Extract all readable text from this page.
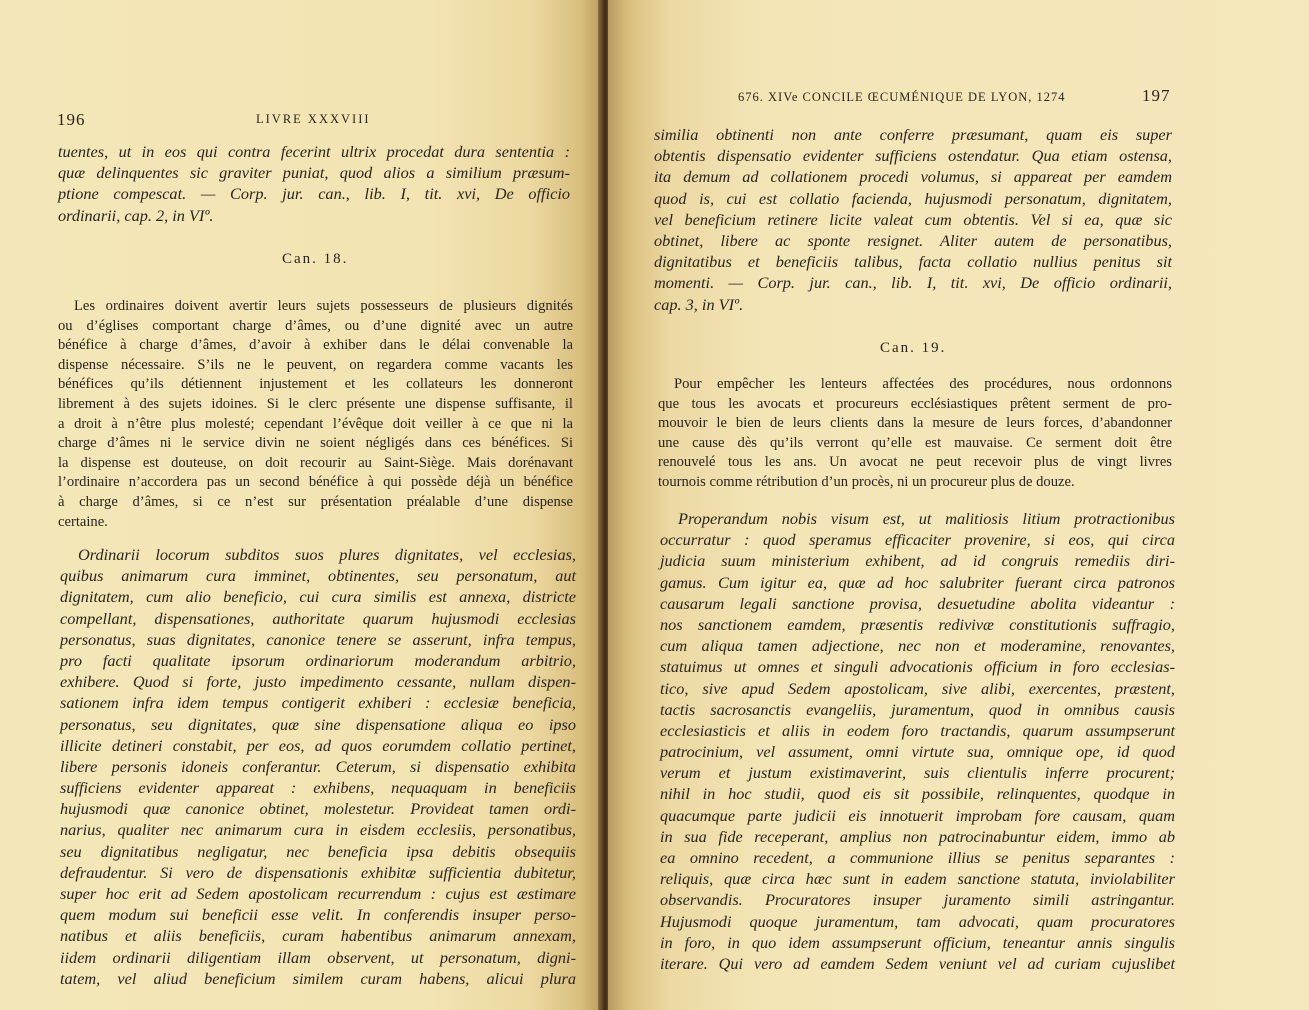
196	LIVRE XXXVIII
tuentes, ut in eos qui contra fecerint ultrix procedat dura sententia :
quæ delinquentes sic graviter puniat, quod alios a similium præsum-
ptione compescat. — Corp. jur. can., lib. I, tit. xvi, De officio
ordinarii, cap. 2, in VIº.
Can. 18.
Les ordinaires doivent avertir leurs sujets possesseurs de plusieurs dignités
ou d’églises comportant charge d’âmes, ou d’une dignité avec un autre
bénéfice à charge d’âmes, d’avoir à exhiber dans le délai convenable la
dispense nécessaire. S’ils ne le peuvent, on regardera comme vacants les
bénéfices qu’ils détiennent injustement et les collateurs les donneront
librement à des sujets idoines. Si le clerc présente une dispense suffisante, il
a droit à n’être plus molesté; cependant l’évêque doit veiller à ce que ni la
charge d’âmes ni le service divin ne soient négligés dans ces bénéfices. Si
la dispense est douteuse, on doit recourir au Saint-Siège. Mais dorénavant
l’ordinaire n’accordera pas un second bénéfice à qui possède déjà un bénéfice
à charge d’âmes, si ce n’est sur présentation préalable d’une dispense
certaine.
Ordinarii locorum subditos suos plures dignitates, vel ecclesias,
quibus animarum cura imminet, obtinentes, seu personatum, aut
dignitatem, cum alio beneficio, cui cura similis est annexa, districte
compellant, dispensationes, authoritate quarum hujusmodi ecclesias
personatus, suas dignitates, canonice tenere se asserunt, infra tempus,
pro facti qualitate ipsorum ordinariorum moderandum arbitrio,
exhibere. Quod si forte, justo impedimento cessante, nullam dispen-
sationem infra idem tempus contigerit exhiberi : ecclesiæ beneficia,
personatus, seu dignitates, quæ sine dispensatione aliqua eo ipso
illicite detineri constabit, per eos, ad quos eorumdem collatio pertinet,
libere personis idoneis conferantur. Ceterum, si dispensatio exhibita
sufficiens evidenter appareat : exhibens, nequaquam in beneficiis
hujusmodi quæ canonice obtinet, molestetur. Provideat tamen ordi-
narius, qualiter nec animarum cura in eisdem ecclesiis, personatibus,
seu dignitatibus negligatur, nec beneficia ipsa debitis obsequiis
defraudentur. Si vero de dispensationis exhibitæ sufficientia dubitetur,
super hoc erit ad Sedem apostolicam recurrendum : cujus est æstimare
quem modum sui beneficii esse velit. In conferendis insuper perso-
natibus et aliis beneficiis, curam habentibus animarum annexam,
iidem ordinarii diligentiam illam observent, ut personatum, digni-
tatem, vel aliud beneficium similem curam habens, alicui plura
676. XIVe CONCILE ŒCUMÉNIQUE DE LYON, 1274	197
similia obtinenti non ante conferre præsumant, quam eis super
obtentis dispensatio evidenter sufficiens ostendatur. Qua etiam ostensa,
ita demum ad collationem procedi volumus, si appareat per eamdem
quod is, cui est collatio facienda, hujusmodi personatum, dignitatem,
vel beneficium retinere licite valeat cum obtentis. Vel si ea, quæ sic
obtinet, libere ac sponte resignet. Aliter autem de personatibus,
dignitatibus et beneficiis talibus, facta collatio nullius penitus sit
momenti. — Corp. jur. can., lib. I, tit. xvi, De officio ordinarii,
cap. 3, in VIº.
Can. 19.
Pour empêcher les lenteurs affectées des procédures, nous ordonnons
que tous les avocats et procureurs ecclésiastiques prêtent serment de pro-
mouvoir le bien de leurs clients dans la mesure de leurs forces, d’abandonner
une cause dès qu’ils verront qu’elle est mauvaise. Ce serment doit être
renouvelé tous les ans. Un avocat ne peut recevoir plus de vingt livres
tournois comme rétribution d’un procès, ni un procureur plus de douze.
Properandum nobis visum est, ut malitiosis litium protractionibus
occurratur : quod speramus efficaciter provenire, si eos, qui circa
judicia suum ministerium exhibent, ad id congruis remediis diri-
gamus. Cum igitur ea, quæ ad hoc salubriter fuerant circa patronos
causarum legali sanctione provisa, desuetudine abolita videantur :
nos sanctionem eamdem, præsentis redivivæ constitutionis suffragio,
cum aliqua tamen adjectione, nec non et moderamine, renovantes,
statuimus ut omnes et singuli advocationis officium in foro ecclesias-
tico, sive apud Sedem apostolicam, sive alibi, exercentes, præstent,
tactis sacrosanctis evangeliis, juramentum, quod in omnibus causis
ecclesiasticis et aliis in eodem foro tractandis, quarum assumpserunt
patrocinium, vel assument, omni virtute sua, omnique ope, id quod
verum et justum existimaverint, suis clientulis inferre procurent;
nihil in hoc studii, quod eis sit possibile, relinquentes, quodque in
quacumque parte judicii eis innotuerit improbam fore causam, quam
in sua fide receperant, amplius non patrocinabuntur eidem, immo ab
ea omnino recedent, a communione illius se penitus separantes :
reliquis, quæ circa hæc sunt in eadem sanctione statuta, inviolabiliter
observandis. Procuratores insuper juramento simili astringantur.
Hujusmodi quoque juramentum, tam advocati, quam procuratores
in foro, in quo idem assumpserunt officium, teneantur annis singulis
iterare. Qui vero ad eamdem Sedem veniunt vel ad curiam cujuslibet
